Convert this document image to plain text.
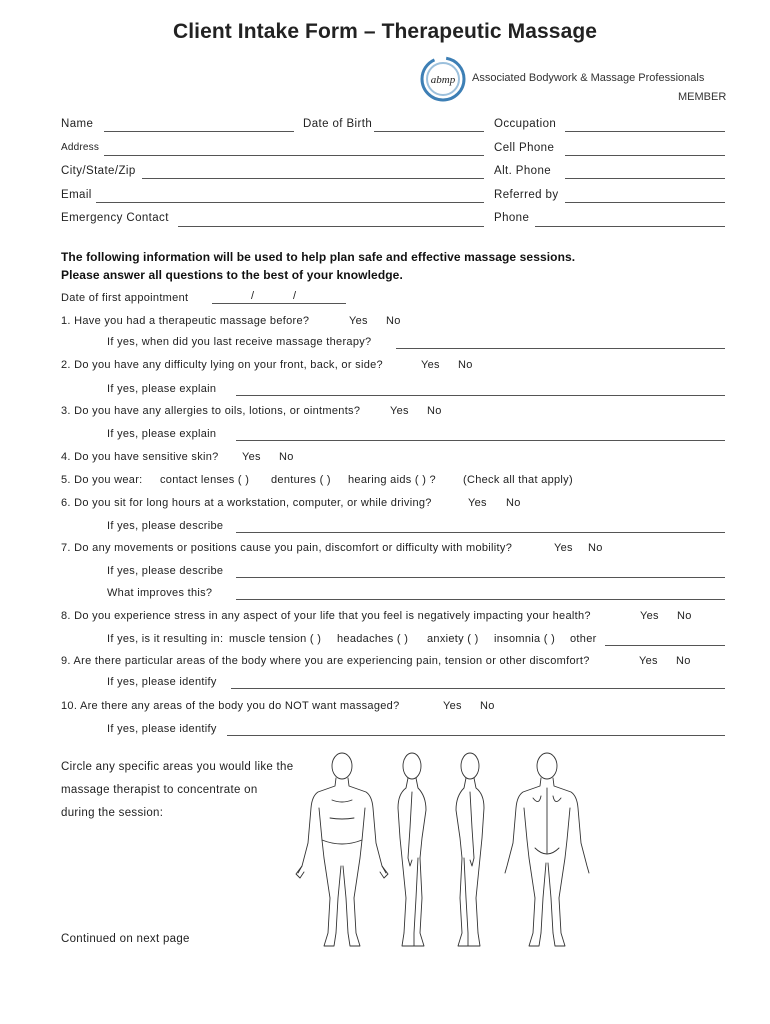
Client Intake Form – Therapeutic Massage
abmp Associated Bodywork & Massage Professionals
MEMBER
Name	Date of Birth	Occupation
Address	Cell Phone
City/State/Zip	Alt. Phone
Email	Referred by
Emergency Contact	Phone
The following information will be used to help plan safe and effective massage sessions.
Please answer all questions to the best of your knowledge.
Date of first appointment	/	/
1. Have you had a therapeutic massage before?	Yes No
If yes, when did you last receive massage therapy?
2. Do you have any difficulty lying on your front, back, or side?	Yes No
If yes, please explain
3. Do you have any allergies to oils, lotions, or ointments?	Yes No
If yes, please explain
4. Do you have sensitive skin? Yes No
5. Do you wear: contact lenses ( ) dentures ( ) hearing aids ( ) ? (Check all that apply)
6. Do you sit for long hours at a workstation, computer, or while driving?	Yes No
If yes, please describe
7. Do any movements or positions cause you pain, discomfort or difficulty with mobility?	Yes No
If yes, please describe
What improves this?
8. Do you experience stress in any aspect of your life that you feel is negatively impacting your health?	Yes No
If yes, is it resulting in: muscle tension ( ) headaches ( ) anxiety ( ) insomnia ( ) other
9. Are there particular areas of the body where you are experiencing pain, tension or other discomfort?	Yes No
If yes, please identify
10. Are there any areas of the body you do NOT want massaged?	Yes No
If yes, please identify
Circle any specific areas you would like the
massage therapist to concentrate on
during the session:
Continued on next page
